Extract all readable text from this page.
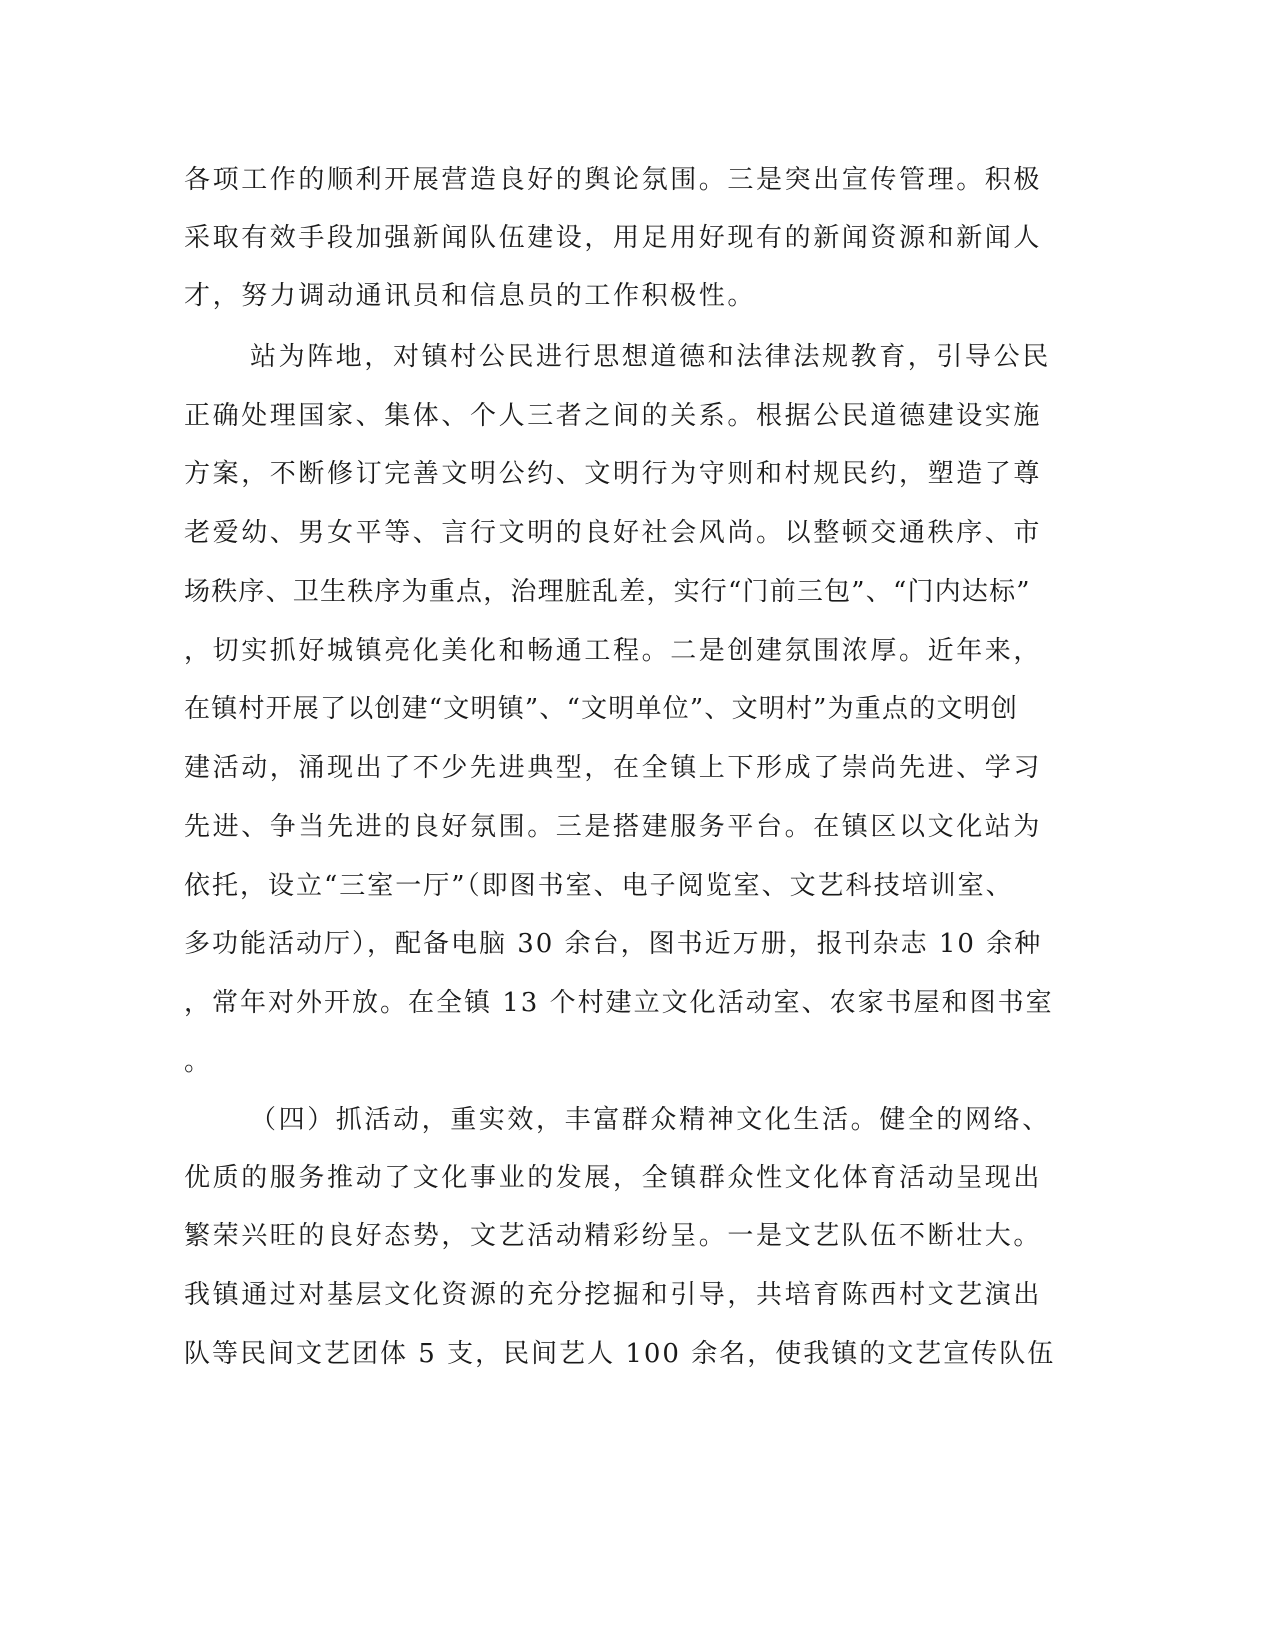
各项工作的顺利开展营造良好的舆论氛围。三是突出宣传管理。积极
采取有效手段加强新闻队伍建设，用足用好现有的新闻资源和新闻人
才，努力调动通讯员和信息员的工作积极性。
站为阵地，对镇村公民进行思想道德和法律法规教育，引导公民
正确处理国家、集体、个人三者之间的关系。根据公民道德建设实施
方案，不断修订完善文明公约、文明行为守则和村规民约，塑造了尊
老爱幼、男女平等、言行文明的良好社会风尚。以整顿交通秩序、市
场秩序、卫生秩序为重点，治理脏乱差，实行“门前三包”、“门内达标”
，切实抓好城镇亮化美化和畅通工程。二是创建氛围浓厚。近年来，
在镇村开展了以创建“文明镇”、“文明单位”、文明村”为重点的文明创
建活动，涌现出了不少先进典型，在全镇上下形成了崇尚先进、学习
先进、争当先进的良好氛围。三是搭建服务平台。在镇区以文化站为
依托，设立“三室一厅”（即图书室、电子阅览室、文艺科技培训室、
多功能活动厅），配备电脑 30 余台，图书近万册，报刊杂志 10 余种
，常年对外开放。在全镇 13 个村建立文化活动室、农家书屋和图书室
。
（四）抓活动，重实效，丰富群众精神文化生活。健全的网络、
优质的服务推动了文化事业的发展，全镇群众性文化体育活动呈现出
繁荣兴旺的良好态势，文艺活动精彩纷呈。一是文艺队伍不断壮大。
我镇通过对基层文化资源的充分挖掘和引导，共培育陈西村文艺演出
队等民间文艺团体 5 支，民间艺人 100 余名，使我镇的文艺宣传队伍
